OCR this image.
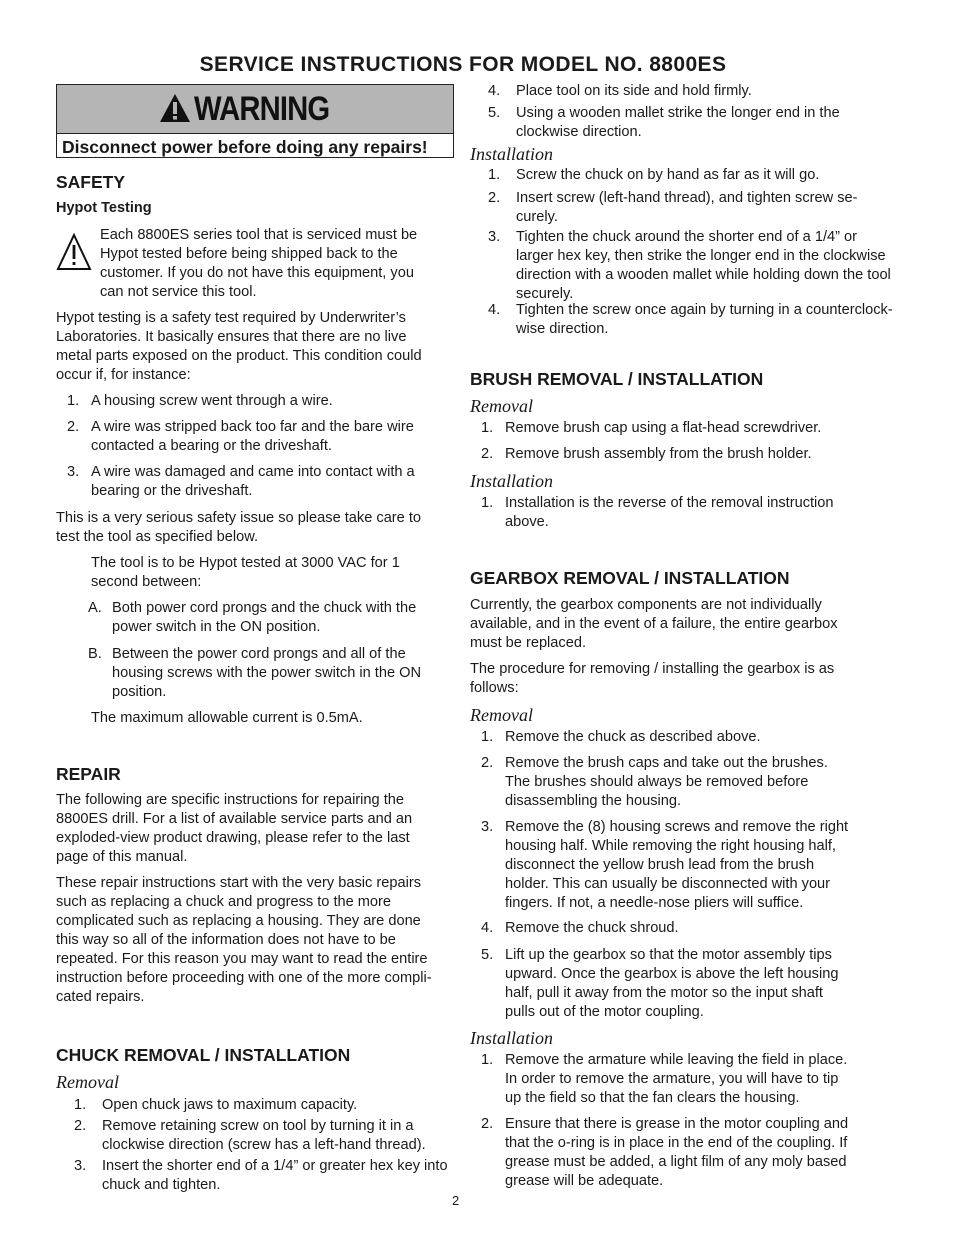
SERVICE INSTRUCTIONS FOR MODEL NO. 8800ES
WARNING
Disconnect power before doing any repairs!
SAFETY
Hypot Testing
Each 8800ES series tool that is serviced must be
Hypot tested before being shipped back to the
customer. If you do not have this equipment, you
can not service this tool.
Hypot testing is a safety test required by Underwriter’s
Laboratories. It basically ensures that there are no live
metal parts exposed on the product. This condition could
occur if, for instance:
1. A housing screw went through a wire.
2. A wire was stripped back too far and the bare wire
contacted a bearing or the driveshaft.
3. A wire was damaged and came into contact with a
bearing or the driveshaft.
This is a very serious safety issue so please take care to
test the tool as specified below.
The tool is to be Hypot tested at 3000 VAC for 1
second between:
A. Both power cord prongs and the chuck with the
power switch in the ON position.
B. Between the power cord prongs and all of the
housing screws with the power switch in the ON
position.
The maximum allowable current is 0.5mA.
REPAIR
The following are specific instructions for repairing the
8800ES drill. For a list of available service parts and an
exploded-view product drawing, please refer to the last
page of this manual.
These repair instructions start with the very basic repairs
such as replacing a chuck and progress to the more
complicated such as replacing a housing. They are done
this way so all of the information does not have to be
repeated. For this reason you may want to read the entire
instruction before proceeding with one of the more compli-
cated repairs.
CHUCK REMOVAL / INSTALLATION
Removal
1. Open chuck jaws to maximum capacity.
2. Remove retaining screw on tool by turning it in a
clockwise direction (screw has a left-hand thread).
3. Insert the shorter end of a 1/4” or greater hex key into
chuck and tighten.
4. Place tool on its side and hold firmly.
5. Using a wooden mallet strike the longer end in the
clockwise direction.
Installation
1. Screw the chuck on by hand as far as it will go.
2. Insert screw (left-hand thread), and tighten screw se-
curely.
3. Tighten the chuck around the shorter end of a 1/4” or
larger hex key, then strike the longer end in the clockwise
direction with a wooden mallet while holding down the tool
securely.
4. Tighten the screw once again by turning in a counterclock-
wise direction.
BRUSH REMOVAL / INSTALLATION
Removal
1. Remove brush cap using a flat-head screwdriver.
2. Remove brush assembly from the brush holder.
Installation
1. Installation is the reverse of the removal instruction
above.
GEARBOX REMOVAL / INSTALLATION
Currently, the gearbox components are not individually
available, and in the event of a failure, the entire gearbox
must be replaced.
The procedure for removing / installing the gearbox is as
follows:
Removal
1. Remove the chuck as described above.
2. Remove the brush caps and take out the brushes.
The brushes should always be removed before
disassembling the housing.
3. Remove the (8) housing screws and remove the right
housing half. While removing the right housing half,
disconnect the yellow brush lead from the brush
holder. This can usually be disconnected with your
fingers. If not, a needle-nose pliers will suffice.
4. Remove the chuck shroud.
5. Lift up the gearbox so that the motor assembly tips
upward. Once the gearbox is above the left housing
half, pull it away from the motor so the input shaft
pulls out of the motor coupling.
Installation
1. Remove the armature while leaving the field in place.
In order to remove the armature, you will have to tip
up the field so that the fan clears the housing.
2. Ensure that there is grease in the motor coupling and
that the o-ring is in place in the end of the coupling. If
grease must be added, a light film of any moly based
grease will be adequate.
2
